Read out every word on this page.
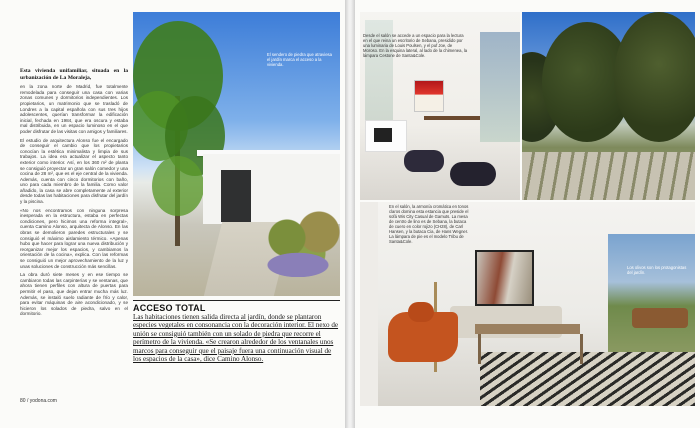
Esta vivienda unifamiliar, situada en la urbanización de La Moraleja,

en la zona norte de Madrid, fue totalmente remodelada para conseguir una casa con varias zonas comunes y dormitorios independientes. Los propietarios, un matrimonio que se trasladó de Londres a la capital española con sus tres hijos adolescentes, querían transformar la edificación inicial, fechada en 1984, que era oscura y estaba mal distribuida, en un espacio luminoso en el que poder disfrutar de las visitas con amigos y familiares.

El estudio de arquitectura Alonso fue el encargado de conseguir el cambio que los propietarios conocían la estética minimalista y limpia de sus trabajos. La idea era actualizar el aspecto tanto exterior como interior. Así, en los 360 m² de planta se consiguió proyectar un gran salón comedor y una cocina de 28 m², que es el eje central de la vivienda. Además, cuenta con cinco dormitorios con baño, uno para cada miembro de la familia. Como valor añadido, la casa se abre completamente al exterior desde todas las habitaciones para disfrutar del jardín y la piscina.

«No nos encontramos con ninguna sorpresa inesperada en la estructura, estaba en perfectas condiciones, pero hicimos una reforma integral», cuenta Camino Alonso, arquitecta de Alonso. En las obras se demolieron paredes estructurales y se consiguió el máximo aislamiento térmico. «Apenas hubo que hacer para lograr una nueva distribución y reorganizar mejor los espacios, y cambiamos la orientación de la cocina», explica. Con las reformas se consiguió un mejor aprovechamiento de la luz y unas soluciones de construcción más sencillas.

La obra duró siete meses y en ese tiempo se cambiaron todas las carpinterías y se ventanas, que ahora tienen perfiles con altura de puertas para permitir el paso, que dejan entrar mucha más luz. Además, se instaló suelo radiante de frío y calor, para evitar máquinas de aire acondicionado, y se hicieron los solados de piedra, salvo en el dormitorio.

El sendero de piedra que atraviesa el jardín marca el acceso a la vivienda.
ACCESO TOTAL
Las habitaciones tienen salida directa al jardín, donde se plantaron especies vegetales en consonancia con la decoración interior. El nexo de unión se consiguió también con un solado de piedra que recorre el perímetro de la vivienda. «Se crearon alrededor de los ventanales unos marcos para conseguir que el paisaje fuera una continuación visual de los espacios de la casa», dice Camino Alonso.
80 / yodona.com
Desde el salón se accede a un espacio para la lectura en el que reina un escritorio de Sebana, presidido por una luminaria de Louis Poulsen, y el puf Joe, de Moroso. En la esquina lateral, al lado de la chimenea, la lámpara Cestone de Santa&Cole.
En el salón, la armonía cromática en tonos claros domina esta estancia que preside el sofá Wis City Casual de Gamuts. La mesa de centro de lino es de Sebana, la butaca de cuero en color rojizo (CH28), de Carl Hansen, y la butaca Cia, de Hans Wegner. La lámpara de pie es el modelo Tribu de Santa&Cole.
Los olivos son los protagonistas del jardín.
